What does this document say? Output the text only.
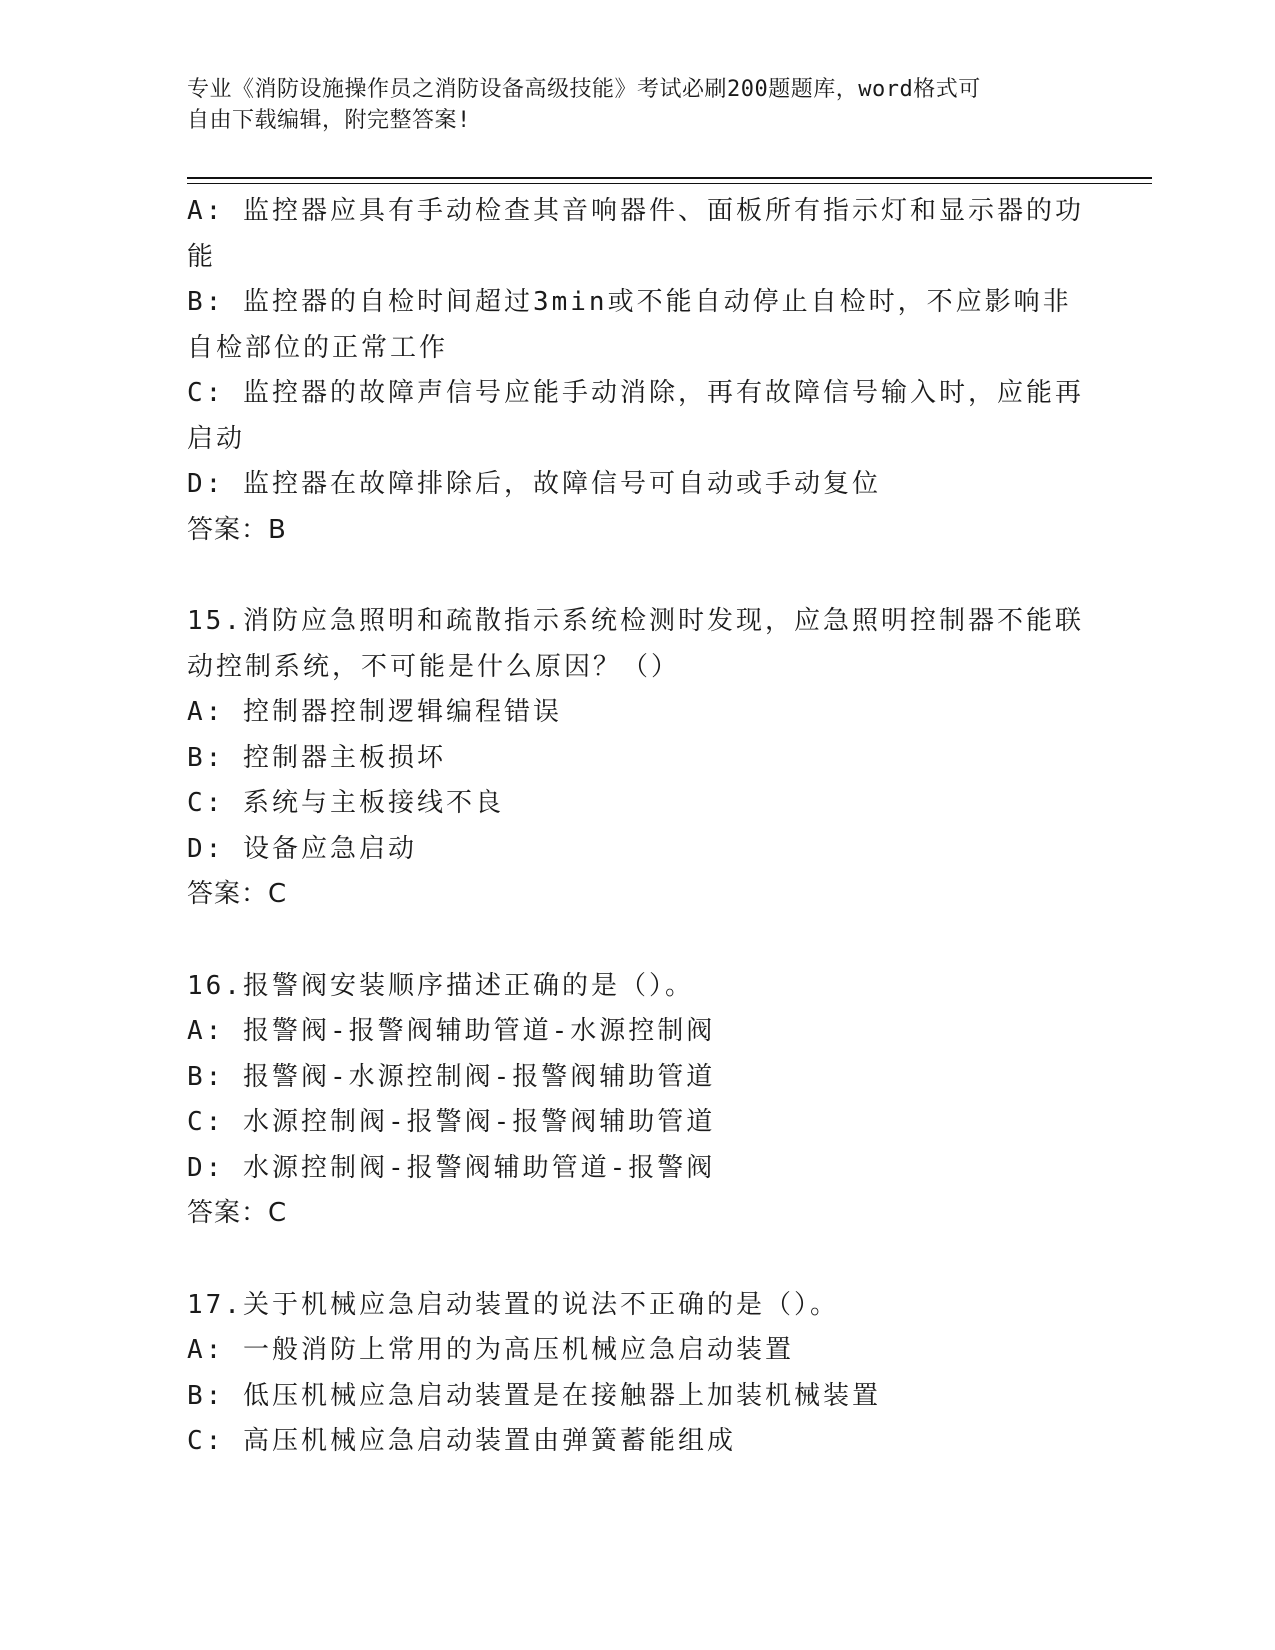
专业《消防设施操作员之消防设备高级技能》考试必刷200题题库，word格式可
自由下载编辑，附完整答案!
A: 监控器应具有手动检查其音响器件、面板所有指示灯和显示器的功
能
B: 监控器的自检时间超过3min或不能自动停止自检时，不应影响非
自检部位的正常工作
C: 监控器的故障声信号应能手动消除，再有故障信号输入时，应能再
启动
D: 监控器在故障排除后，故障信号可自动或手动复位
答案：B
15.消防应急照明和疏散指示系统检测时发现，应急照明控制器不能联
动控制系统，不可能是什么原因？（）
A: 控制器控制逻辑编程错误
B: 控制器主板损坏
C: 系统与主板接线不良
D: 设备应急启动
答案：C
16.报警阀安装顺序描述正确的是（）。
A: 报警阀-报警阀辅助管道-水源控制阀
B: 报警阀-水源控制阀-报警阀辅助管道
C: 水源控制阀-报警阀-报警阀辅助管道
D: 水源控制阀-报警阀辅助管道-报警阀
答案：C
17.关于机械应急启动装置的说法不正确的是（）。
A: 一般消防上常用的为高压机械应急启动装置
B: 低压机械应急启动装置是在接触器上加装机械装置
C: 高压机械应急启动装置由弹簧蓄能组成
